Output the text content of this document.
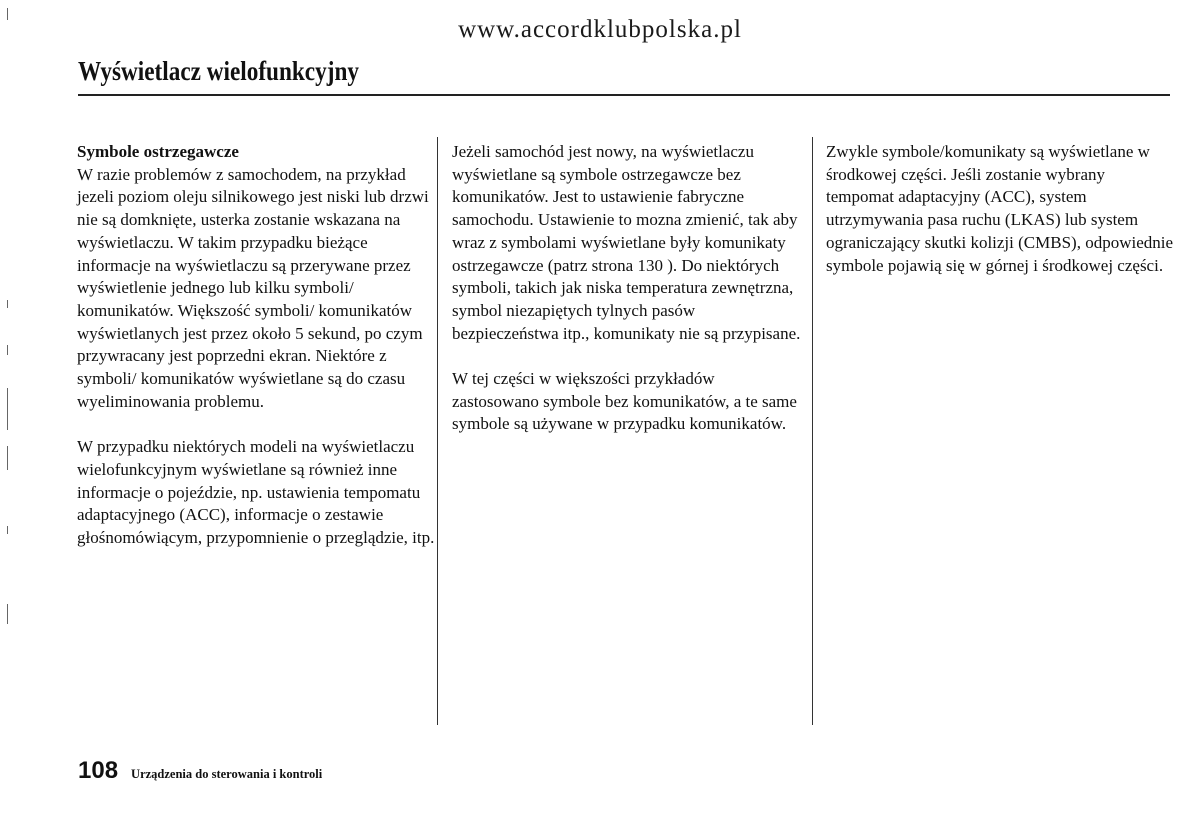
www.accordklubpolska.pl
Wyświetlacz wielofunkcyjny
Symbole ostrzegawcze

W razie problemów z samochodem, na przykład jezeli poziom oleju silnikowego jest niski lub drzwi nie są domknięte, usterka zostanie wskazana na wyświetlaczu. W takim przypadku bieżące informacje na wyświetlaczu są przerywane przez wyświetlenie jednego lub kilku symboli/ komunikatów. Większość symboli/ komunikatów wyświetlanych jest przez około 5 sekund, po czym przywracany jest poprzedni ekran. Niektóre z symboli/ komunikatów wyświetlane są do czasu wyeliminowania problemu.

W przypadku niektórych modeli na wyświetlaczu wielofunkcyjnym wyświetlane są również inne informacje o pojeździe, np. ustawienia tempomatu adaptacyjnego (ACC), informacje o zestawie głośnomówiącym, przypomnienie o przeglądzie, itp.

Jeżeli samochód jest nowy, na wyświetlaczu wyświetlane są symbole ostrzegawcze bez komunikatów. Jest to ustawienie fabryczne samochodu. Ustawienie to mozna zmienić, tak aby wraz z symbolami wyświetlane były komunikaty ostrzegawcze (patrz strona 130 ). Do niektórych symboli, takich jak niska temperatura zewnętrzna, symbol niezapiętych tylnych pasów bezpieczeństwa itp., komunikaty nie są przypisane.

W tej części w większości przykładów zastosowano symbole bez komunikatów, a te same symbole są używane w przypadku komunikatów.

Zwykle symbole/komunikaty są wyświetlane w środkowej części. Jeśli zostanie wybrany tempomat adaptacyjny (ACC), system utrzymywania pasa ruchu (LKAS) lub system ograniczający skutki kolizji (CMBS), odpowiednie symbole pojawią się w górnej i środkowej części.

108 Urządzenia do sterowania i kontroli
